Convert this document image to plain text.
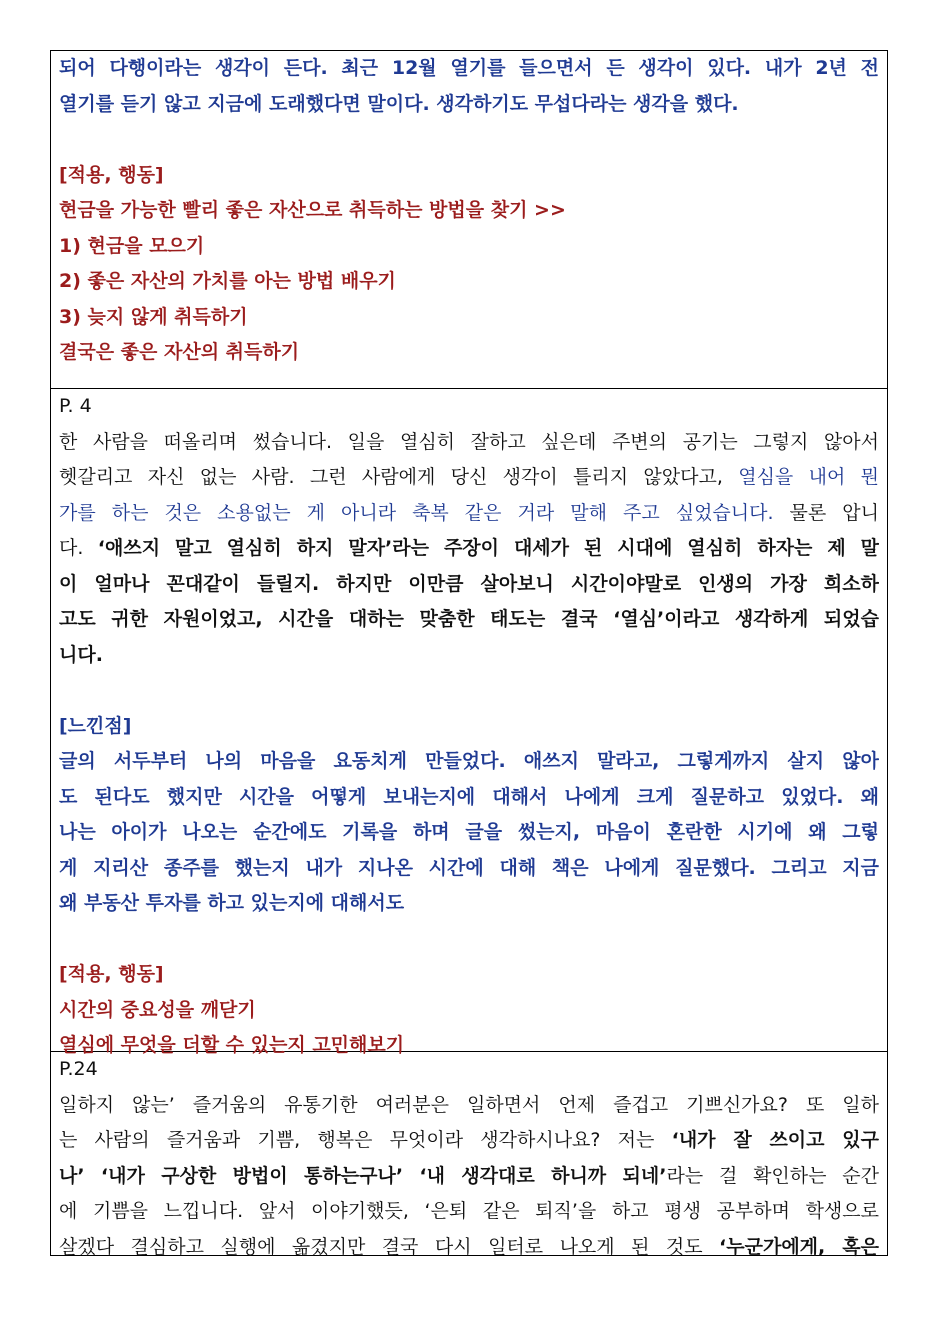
되어 다행이라는 생각이 든다. 최근 12월 열기를 들으면서 든 생각이 있다. 내가 2년 전
열기를 듣기 않고 지금에 도래했다면 말이다. 생각하기도 무섭다라는 생각을 했다.
[적용, 행동]
현금을 가능한 빨리 좋은 자산으로 취득하는 방법을 찾기 >>
1) 현금을 모으기
2) 좋은 자산의 가치를 아는 방법 배우기
3) 늦지 않게 취득하기
결국은 좋은 자산의 취득하기
P. 4
한 사람을 떠올리며 썼습니다. 일을 열심히 잘하고 싶은데 주변의 공기는 그렇지 않아서
헷갈리고 자신 없는 사람. 그런 사람에게 당신 생각이 틀리지 않았다고, 열심을 내어 뭔
가를 하는 것은 소용없는 게 아니라 축복 같은 거라 말해 주고 싶었습니다. 물론 압니
다. ‘애쓰지 말고 열심히 하지 말자’라는 주장이 대세가 된 시대에 열심히 하자는 제 말
이 얼마나 꼰대같이 들릴지. 하지만 이만큼 살아보니 시간이야말로 인생의 가장 희소하
고도 귀한 자원이었고, 시간을 대하는 맞춤한 태도는 결국 ‘열심’이라고 생각하게 되었습
니다.
[느낀점]
글의 서두부터 나의 마음을 요동치게 만들었다. 애쓰지 말라고, 그렇게까지 살지 않아
도 된다도 했지만 시간을 어떻게 보내는지에 대해서 나에게 크게 질문하고 있었다. 왜
나는 아이가 나오는 순간에도 기록을 하며 글을 썼는지, 마음이 혼란한 시기에 왜 그렇
게 지리산 종주를 했는지 내가 지나온 시간에 대해 책은 나에게 질문했다. 그리고 지금
왜 부동산 투자를 하고 있는지에 대해서도
[적용, 행동]
시간의 중요성을 깨닫기
열심에 무엇을 더할 수 있는지 고민해보기
P.24
일하지 않는’ 즐거움의 유통기한 여러분은 일하면서 언제 즐겁고 기쁘신가요? 또 일하
는 사람의 즐거움과 기쁨, 행복은 무엇이라 생각하시나요? 저는 ‘내가 잘 쓰이고 있구
나’ ‘내가 구상한 방법이 통하는구나’ ‘내 생각대로 하니까 되네’라는 걸 확인하는 순간
에 기쁨을 느낍니다. 앞서 이야기했듯, ‘은퇴 같은 퇴직’을 하고 평생 공부하며 학생으로
살겠다 결심하고 실행에 옮겼지만 결국 다시 일터로 나오게 된 것도 ‘누군가에게, 혹은
